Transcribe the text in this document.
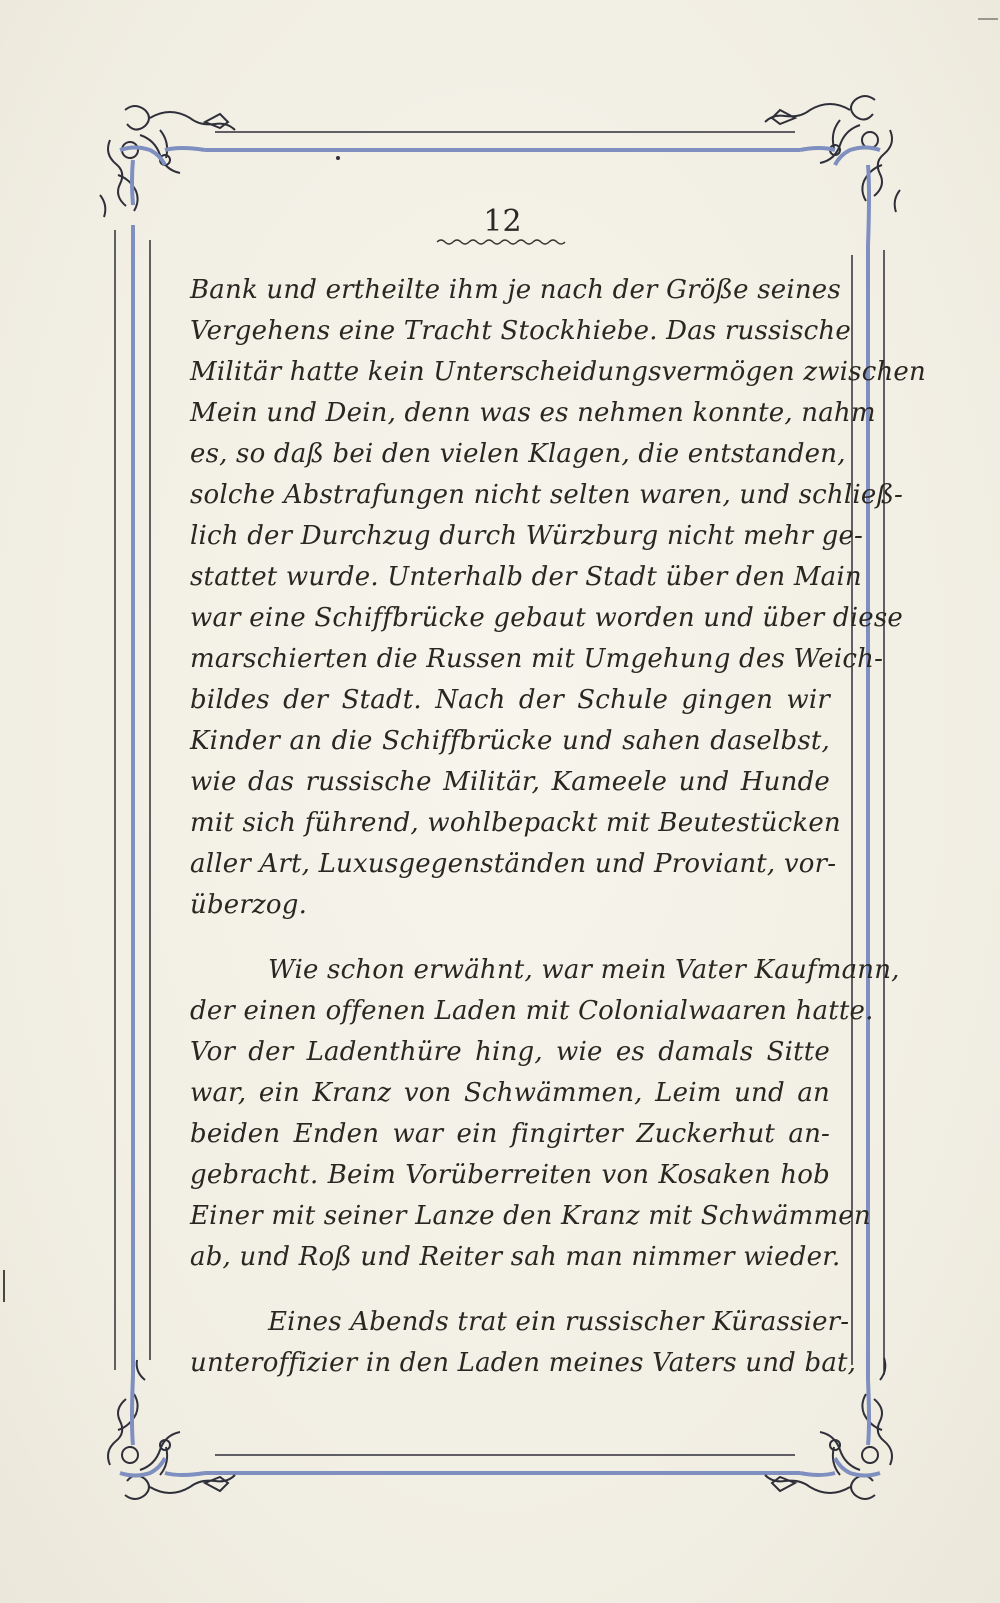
12
Bank und ertheilte ihm je nach der Größe seines
Vergehens eine Tracht Stockhiebe. Das russische
Militär hatte kein Unterscheidungsvermögen zwischen
Mein und Dein, denn was es nehmen konnte, nahm
es, so daß bei den vielen Klagen, die entstanden,
solche Abstrafungen nicht selten waren, und schließ-
lich der Durchzug durch Würzburg nicht mehr ge-
stattet wurde. Unterhalb der Stadt über den Main
war eine Schiffbrücke gebaut worden und über diese
marschierten die Russen mit Umgehung des Weich-
bildes der Stadt. Nach der Schule gingen wir
Kinder an die Schiffbrücke und sahen daselbst,
wie das russische Militär, Kameele und Hunde
mit sich führend, wohlbepackt mit Beutestücken
aller Art, Luxusgegenständen und Proviant, vor-
überzog.
Wie schon erwähnt, war mein Vater Kaufmann,
der einen offenen Laden mit Colonialwaaren hatte.
Vor der Ladenthüre hing, wie es damals Sitte
war, ein Kranz von Schwämmen, Leim und an
beiden Enden war ein fingirter Zuckerhut an-
gebracht. Beim Vorüberreiten von Kosaken hob
Einer mit seiner Lanze den Kranz mit Schwämmen
ab, und Roß und Reiter sah man nimmer wieder.
Eines Abends trat ein russischer Kürassier-
unteroffizier in den Laden meines Vaters und bat,
